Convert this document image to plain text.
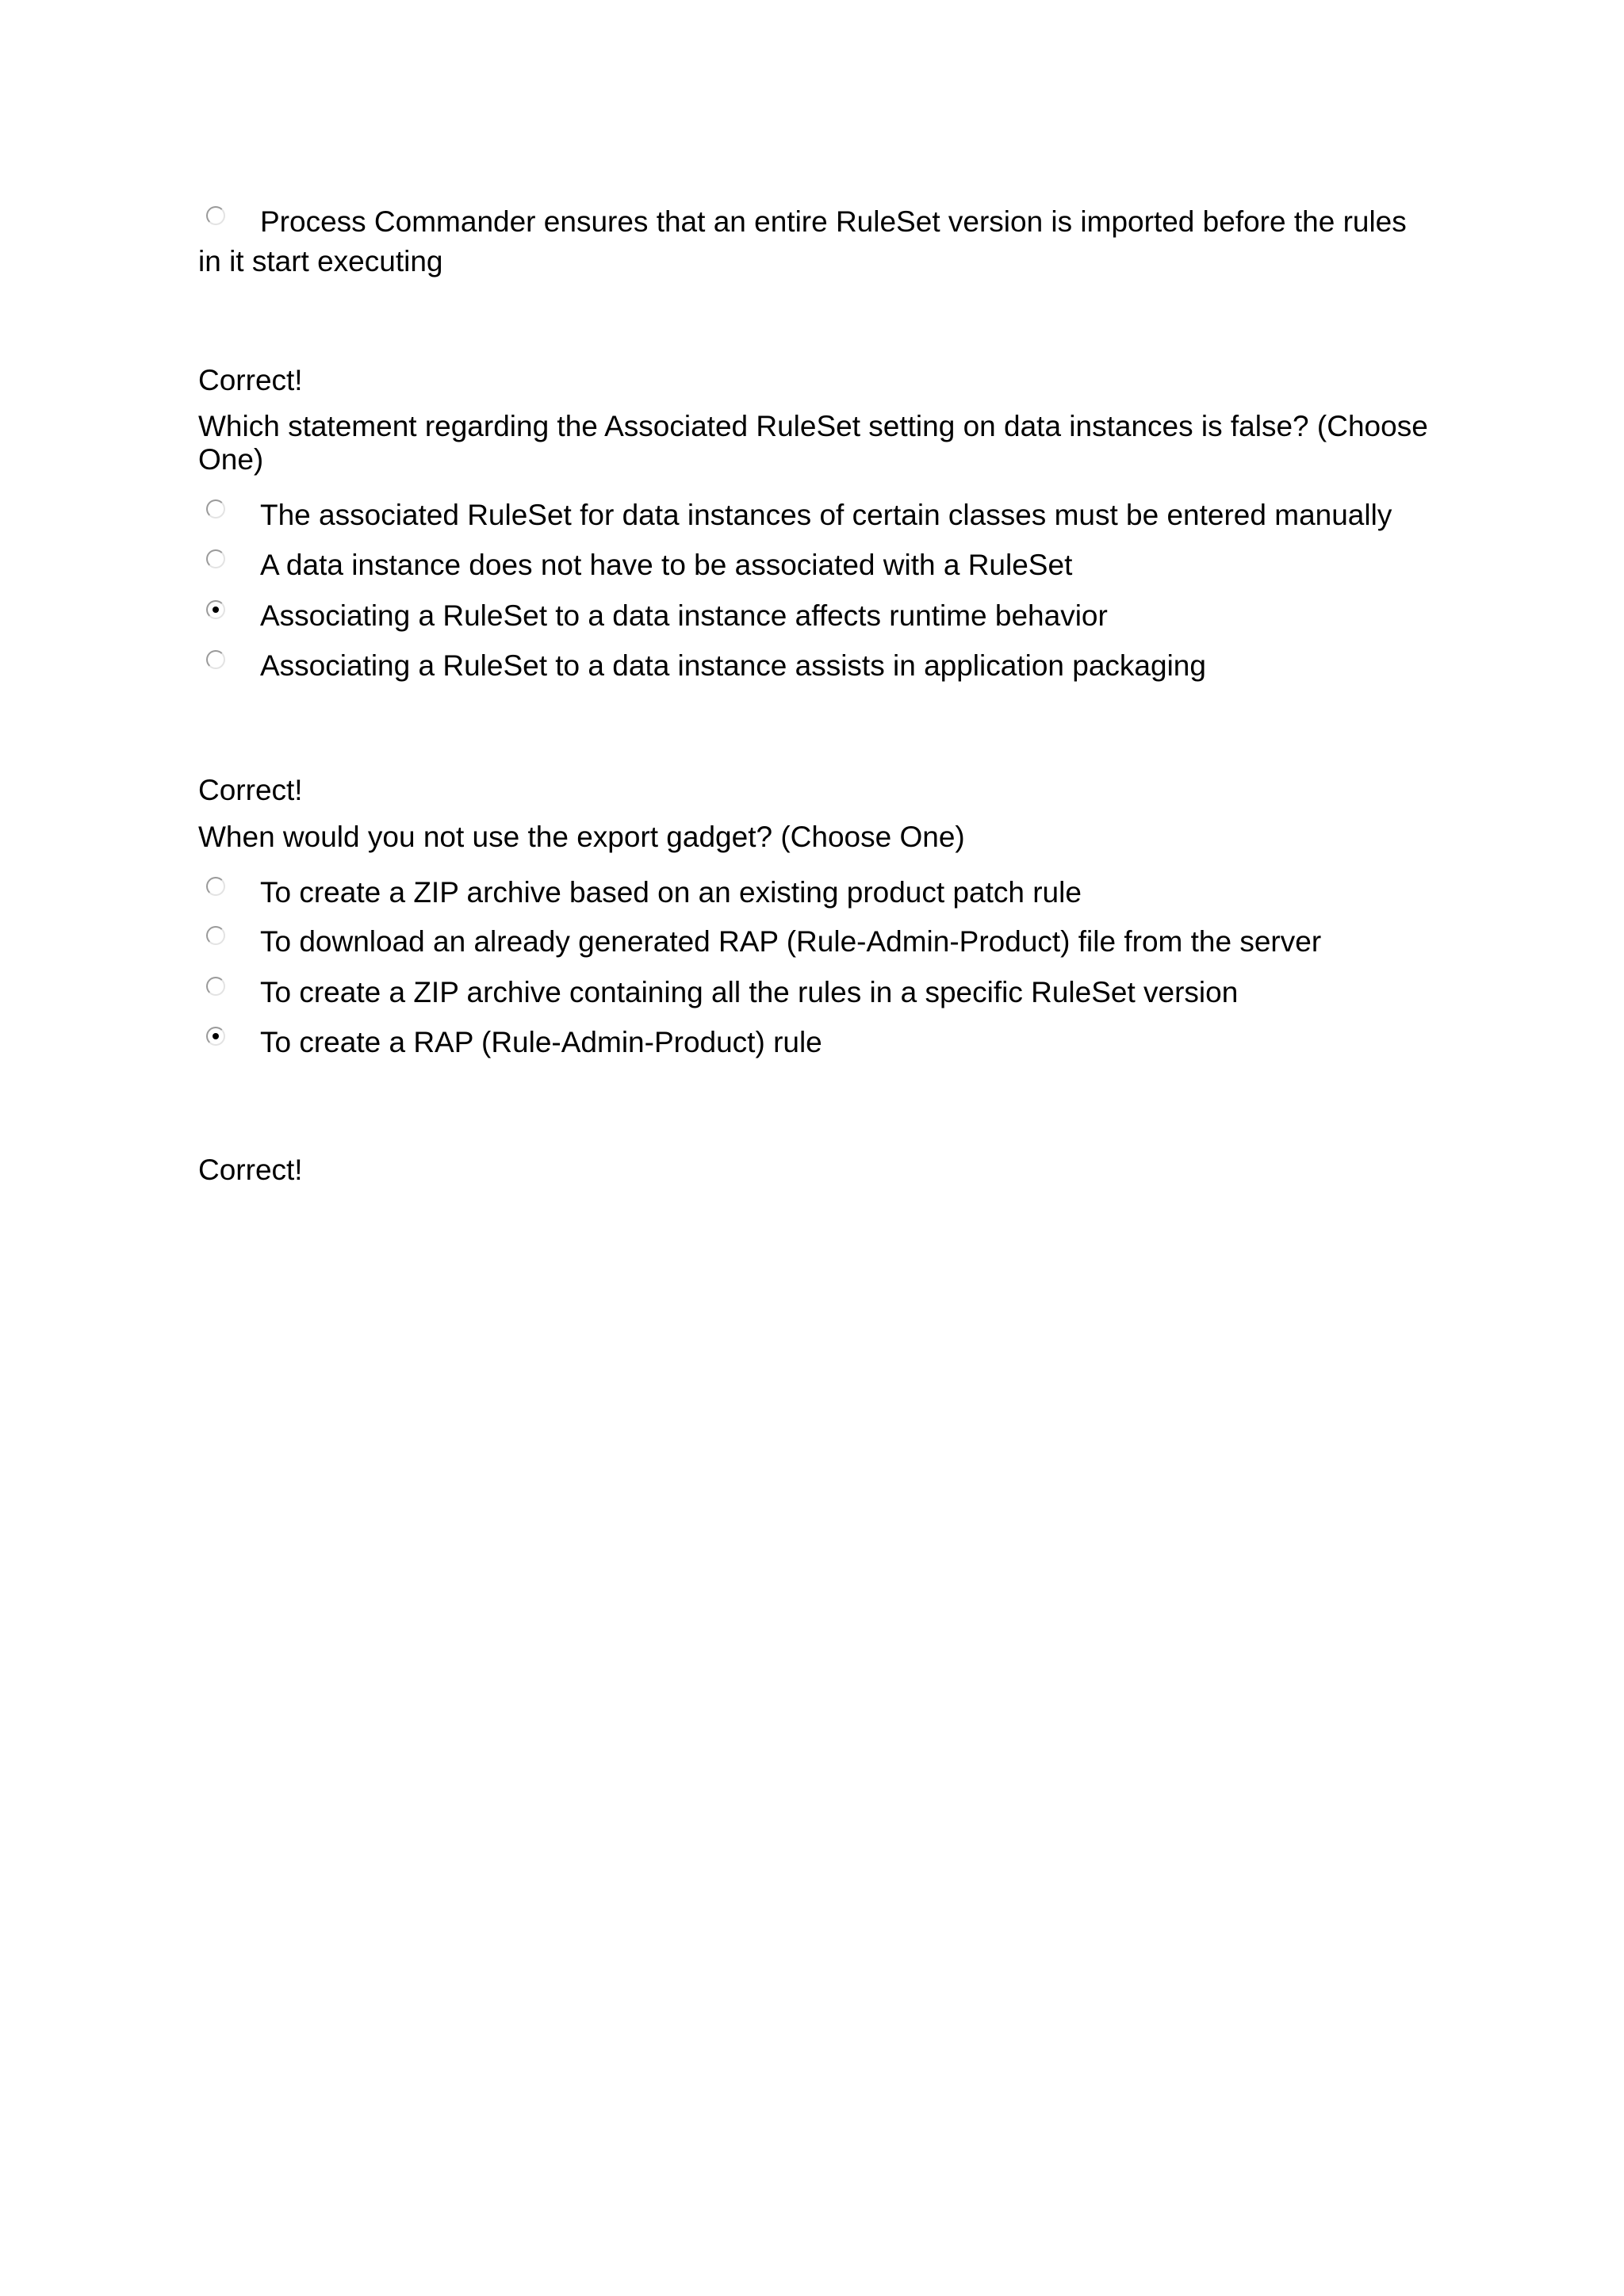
Process Commander ensures that an entire RuleSet version is imported before the rules in it start executing
Correct!
Which statement regarding the Associated RuleSet setting on data instances is false? (Choose One)
The associated RuleSet for data instances of certain classes must be entered manually
A data instance does not have to be associated with a RuleSet
Associating a RuleSet to a data instance affects runtime behavior
Associating a RuleSet to a data instance assists in application packaging
Correct!
When would you not use the export gadget? (Choose One)
To create a ZIP archive based on an existing product patch rule
To download an already generated RAP (Rule-Admin-Product) file from the server
To create a ZIP archive containing all the rules in a specific RuleSet version
To create a RAP (Rule-Admin-Product) rule
Correct!
